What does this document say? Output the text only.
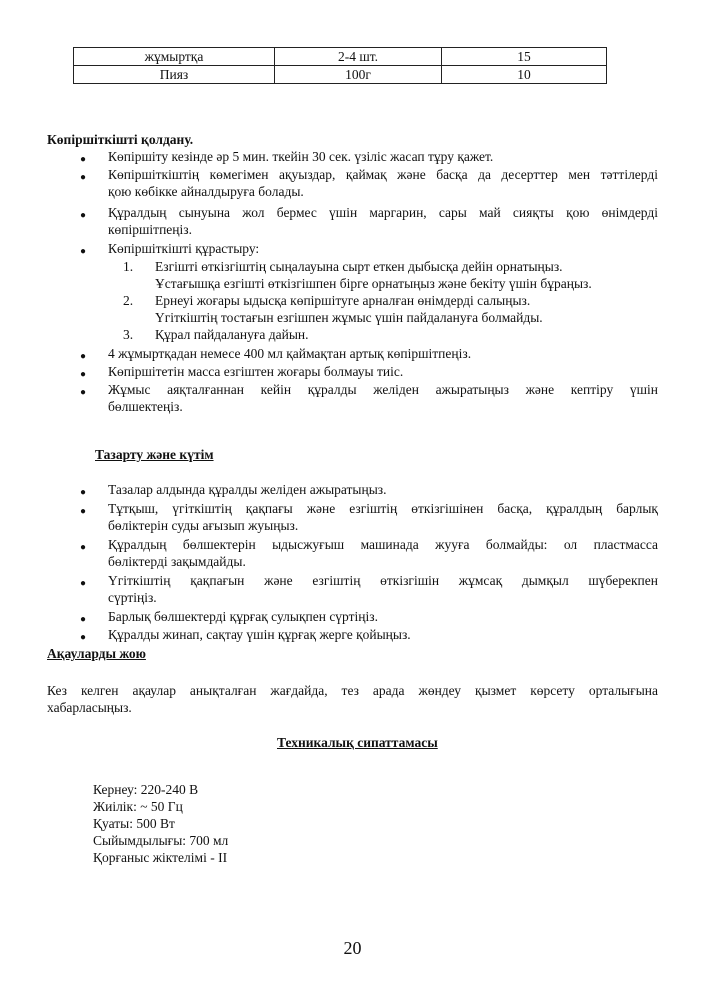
жұмыртқа	2-4 шт.	15
Пияз	100г	10
Көпіршіткішті қолдану.
● Көпіршіту кезінде әр 5 мин. ткейін 30 сек. үзіліс жасап тұру қажет.
● Көпіршіткіштің көмегімен ақуыздар, қаймақ және басқа да десерттер мен тәттілерді
қою көбікке айналдыруға болады.
● Құралдың сынуына жол бермес үшін маргарин, сары май сияқты қою өнімдерді
көпіршітпеңіз.
● Көпіршіткішті құрастыру:
1. Езгішті өткізгіштің сыңалауына сырт еткен дыбысқа дейін орнатыңыз.
Ұстағышқа езгішті өткізгішпен бірге орнатыңыз және бекіту үшін бұраңыз.
2. Ернеуі жоғары ыдысқа көпіршітуге арналған өнімдерді салыңыз.
Үгіткіштің тостағын езгішпен жұмыс үшін пайдалануға болмайды.
3. Құрал пайдалануға дайын.
● 4 жұмыртқадан немесе 400 мл қаймақтан артық көпіршітпеңіз.
● Көпіршітетін масса езгіштен жоғары болмауы тиіс.
● Жұмыс аяқталғаннан кейін құралды желіден ажыратыңыз және кептіру үшін
бөлшектеңіз.
Тазарту және күтім
● Тазалар алдында құралды желіден ажыратыңыз.
● Тұтқыш, үгіткіштің қақпағы және езгіштің өткізгішінен басқа, құралдың барлық
бөліктерін суды ағызып жуыңыз.
● Құралдың бөлшектерін ыдысжуғыш машинада жууға болмайды: ол пластмасса
бөліктерді зақымдайды.
● Үгіткіштің қақпағын және езгіштің өткізгішін жұмсақ дымқыл шүберекпен
сүртіңіз.
● Барлық бөлшектерді құрғақ сулықпен сүртіңіз.
● Құралды жинап, сақтау үшін құрғақ жерге қойыңыз.
Ақауларды жою
Кез келген ақаулар анықталған жағдайда, тез арада жөндеу қызмет көрсету орталығына
хабарласыңыз.
Техникалық сипаттамасы
Кернеу: 220-240 В
Жиілік: ~ 50 Гц
Қуаты: 500 Вт
Сыйымдылығы: 700 мл
Қорғаныс жіктелімі - II
20
